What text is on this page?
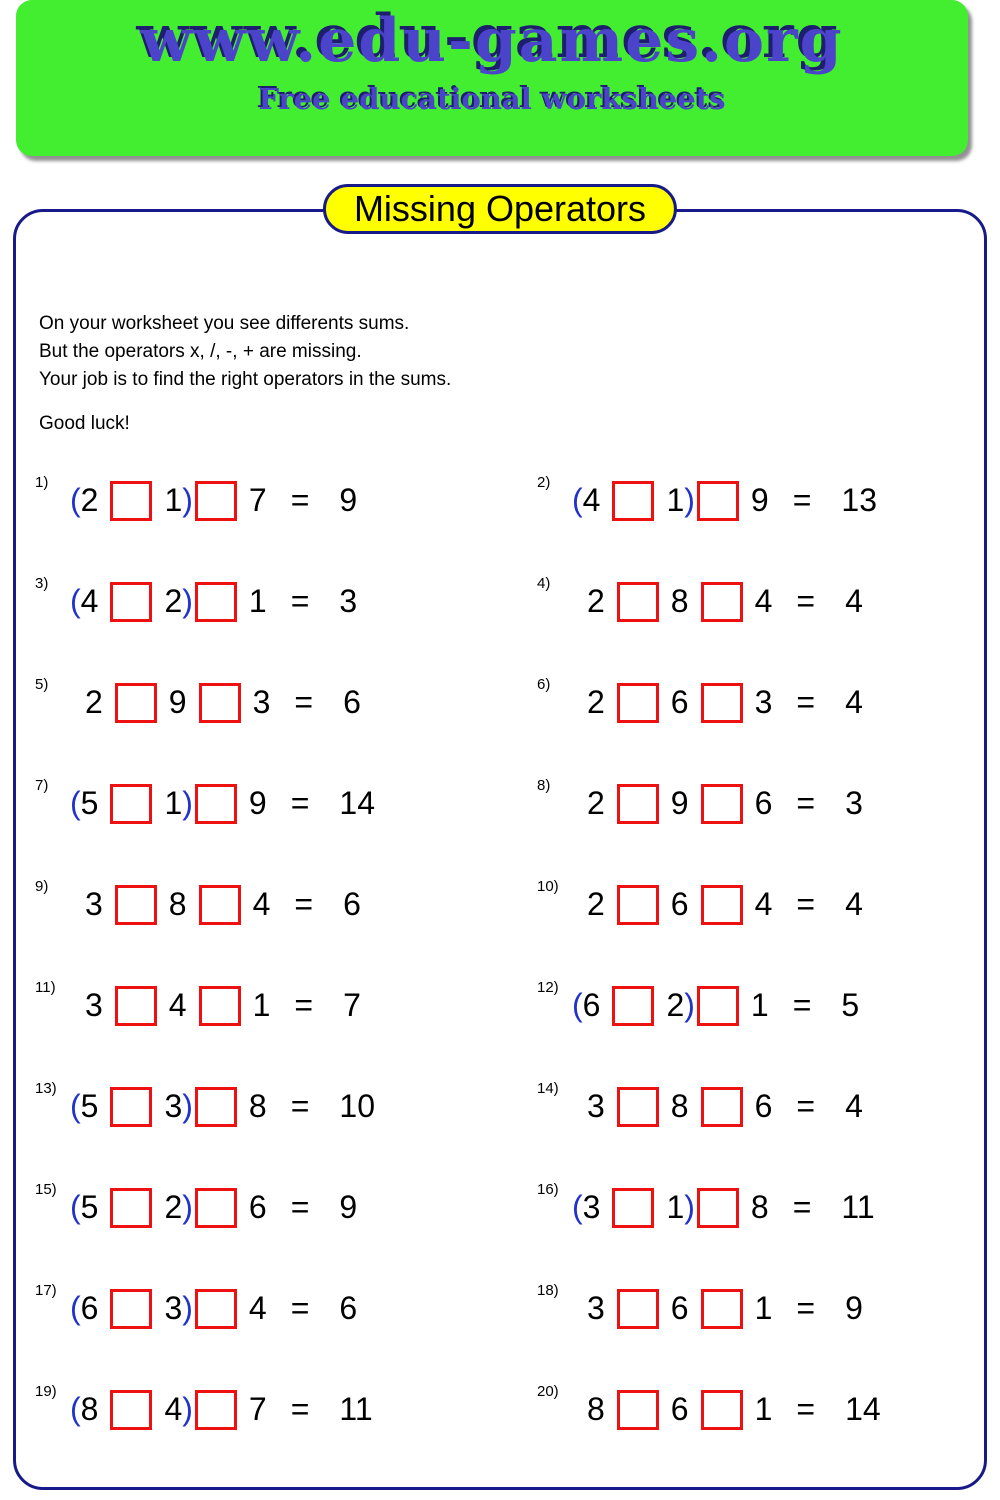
www.edu-games.org
Free educational worksheets
Missing Operators
On your worksheet you see differents sums.
But the operators x, /, -, + are missing.
Your job is to find the right operators in the sums.
Good luck!
1) ( 2 1 ) 7 = 9	2) ( 4 1 ) 9 = 13
3) ( 4 2 ) 1 = 3	4)	2 8 4 = 4
5)	2 9 3 = 6	6)	2 6 3 = 4
7) ( 5 1 ) 9 = 14	8)	2 9 6 = 3
9)	3 8 4 = 6	10) 2 6 4 = 4
11) 3 4 1 = 7	12) ( 6 2 ) 1 = 5
13) ( 5 3 ) 8 = 10	14) 3 8 6 = 4
15) ( 5 2 ) 6 = 9	16) ( 3 1 ) 8 = 11
17) ( 6 3 ) 4 = 6	18) 3 6 1 = 9
19) ( 8 4 ) 7 = 11	20) 8 6 1 = 14
